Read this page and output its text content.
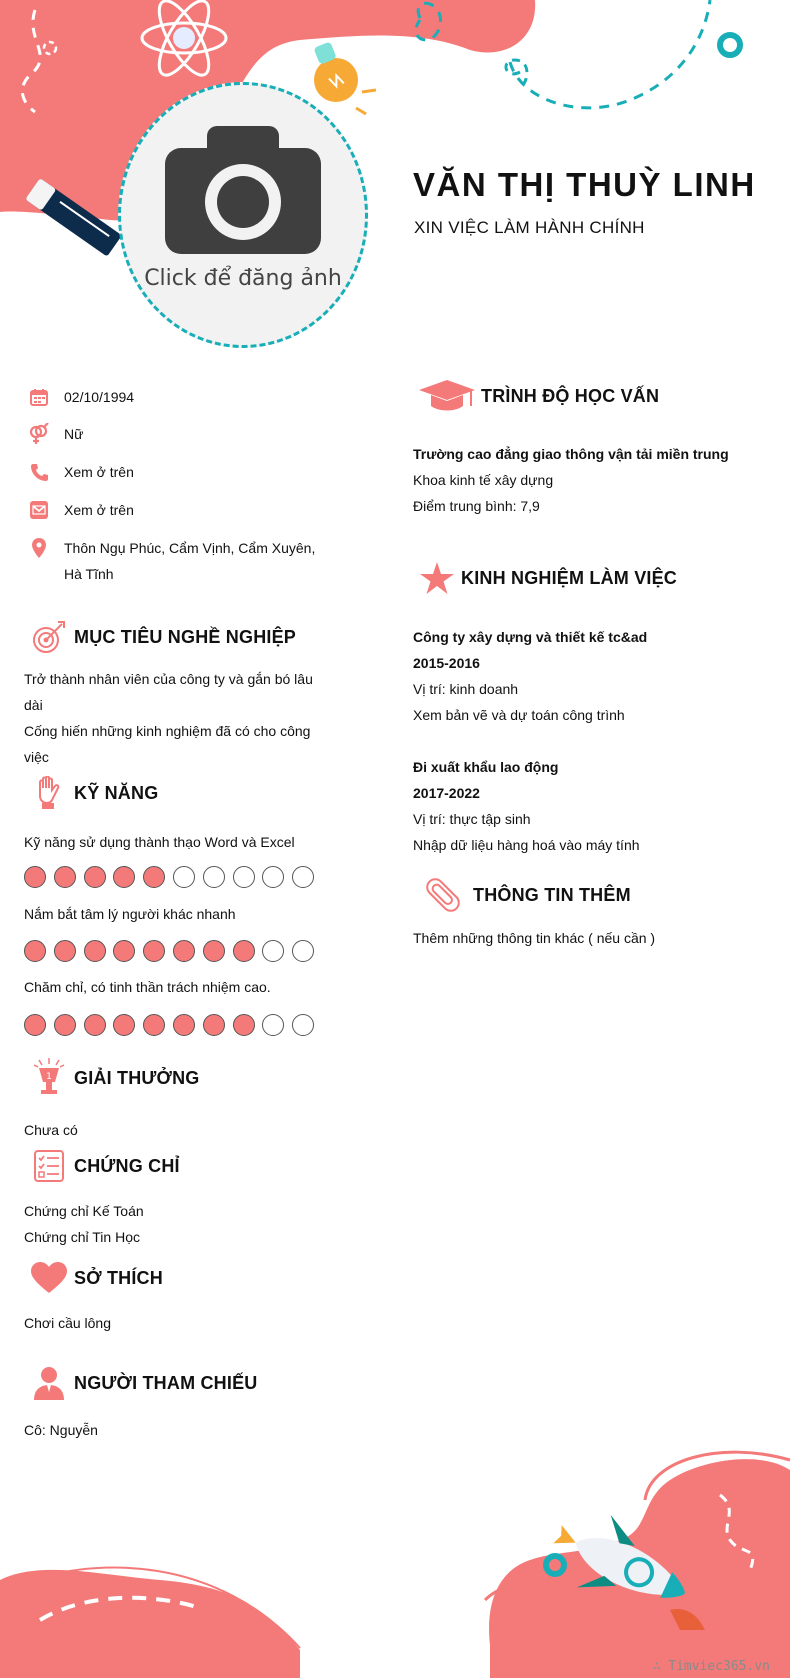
Click để đăng ảnh
VĂN THỊ THUỲ LINH
XIN VIỆC LÀM HÀNH CHÍNH
02/10/1994
Nữ
Xem ở trên
Xem ở trên
Thôn Ngụ Phúc, Cẩm Vịnh, Cẩm Xuyên, Hà Tĩnh
MỤC TIÊU NGHỀ NGHIỆP
Trở thành nhân viên của công ty và gắn bó lâu dài
Cống hiến những kinh nghiệm đã có cho công việc
KỸ NĂNG
Kỹ năng sử dụng thành thạo Word và Excel
Nắm bắt tâm lý người khác nhanh
Chăm chỉ, có tinh thần trách nhiệm cao.
1 GIẢI THƯỞNG
Chưa có
CHỨNG CHỈ
Chứng chỉ Kế Toán
Chứng chỉ Tin Học
SỞ THÍCH
Chơi cầu lông
NGƯỜI THAM CHIẾU
Cô: Nguyễn
TRÌNH ĐỘ HỌC VẤN
Trường cao đẳng giao thông vận tải miền trung
Khoa kinh tế xây dựng
Điểm trung bình: 7,9
KINH NGHIỆM LÀM VIỆC
Công ty xây dựng và thiết kế tc&ad
2015-2016
Vị trí: kinh doanh
Xem bản vẽ và dự toán công trình
Đi xuất khẩu lao động
2017-2022
Vị trí: thực tập sinh
Nhập dữ liệu hàng hoá vào máy tính
THÔNG TIN THÊM
Thêm những thông tin khác ( nếu cần )
∴ Timviec365.vn
